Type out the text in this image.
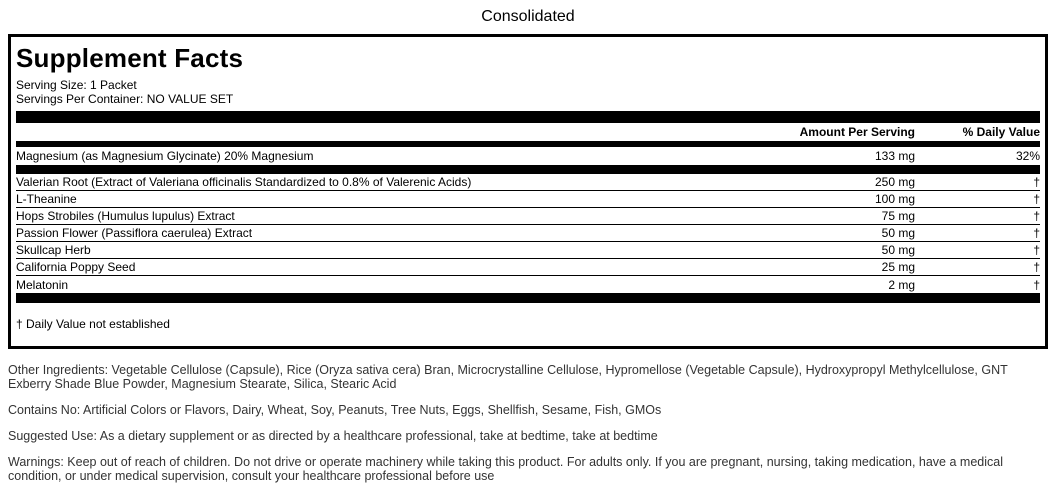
Consolidated
Supplement Facts
Serving Size: 1 Packet
Servings Per Container: NO VALUE SET
Amount Per Serving	% Daily Value
Magnesium (as Magnesium Glycinate) 20% Magnesium	133 mg	32%
Valerian Root (Extract of Valeriana officinalis Standardized to 0.8% of Valerenic Acids)	250 mg	†
L-Theanine	100 mg	†
Hops Strobiles (Humulus lupulus) Extract	75 mg	†
Passion Flower (Passiflora caerulea) Extract	50 mg	†
Skullcap Herb	50 mg	†
California Poppy Seed	25 mg	†
Melatonin	2 mg	†
† Daily Value not established

Other Ingredients: Vegetable Cellulose (Capsule), Rice (Oryza sativa cera) Bran, Microcrystalline Cellulose, Hypromellose (Vegetable Capsule), Hydroxypropyl Methylcellulose, GNT Exberry Shade Blue Powder, Magnesium Stearate, Silica, Stearic Acid

Contains No: Artificial Colors or Flavors, Dairy, Wheat, Soy, Peanuts, Tree Nuts, Eggs, Shellfish, Sesame, Fish, GMOs

Suggested Use: As a dietary supplement or as directed by a healthcare professional, take at bedtime, take at bedtime

Warnings: Keep out of reach of children. Do not drive or operate machinery while taking this product. For adults only. If you are pregnant, nursing, taking medication, have a medical condition, or under medical supervision, consult your healthcare professional before use
